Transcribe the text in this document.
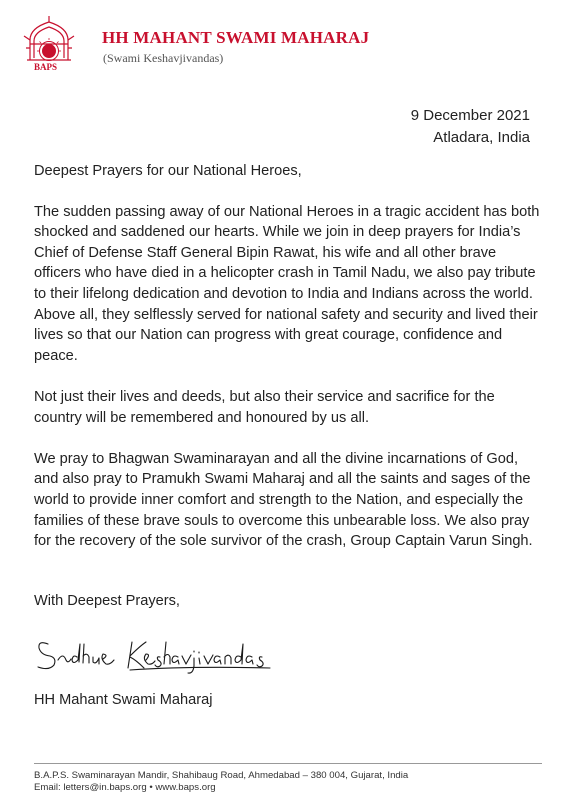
BAPS
HH MAHANT SWAMI MAHARAJ
(Swami Keshavjivandas)
9 December 2021
Atladara, India

Deepest Prayers for our National Heroes,

The sudden passing away of our National Heroes in a tragic accident has both shocked and saddened our hearts. While we join in deep prayers for India’s Chief of Defense Staff General Bipin Rawat, his wife and all other brave officers who have died in a helicopter crash in Tamil Nadu, we also pay tribute to their lifelong dedication and devotion to India and Indians across the world. Above all, they selflessly served for national safety and security and lived their lives so that our Nation can progress with great courage, confidence and peace.

Not just their lives and deeds, but also their service and sacrifice for the country will be remembered and honoured by us all.

We pray to Bhagwan Swaminarayan and all the divine incarnations of God, and also pray to Pramukh Swami Maharaj and all the saints and sages of the world to provide inner comfort and strength to the Nation, and especially the families of these brave souls to overcome this unbearable loss. We also pray for the recovery of the sole survivor of the crash, Group Captain Varun Singh.

With Deepest Prayers,
HH Mahant Swami Maharaj
B.A.P.S. Swaminarayan Mandir, Shahibaug Road, Ahmedabad – 380 004, Gujarat, India
Email: letters@in.baps.org • www.baps.org
